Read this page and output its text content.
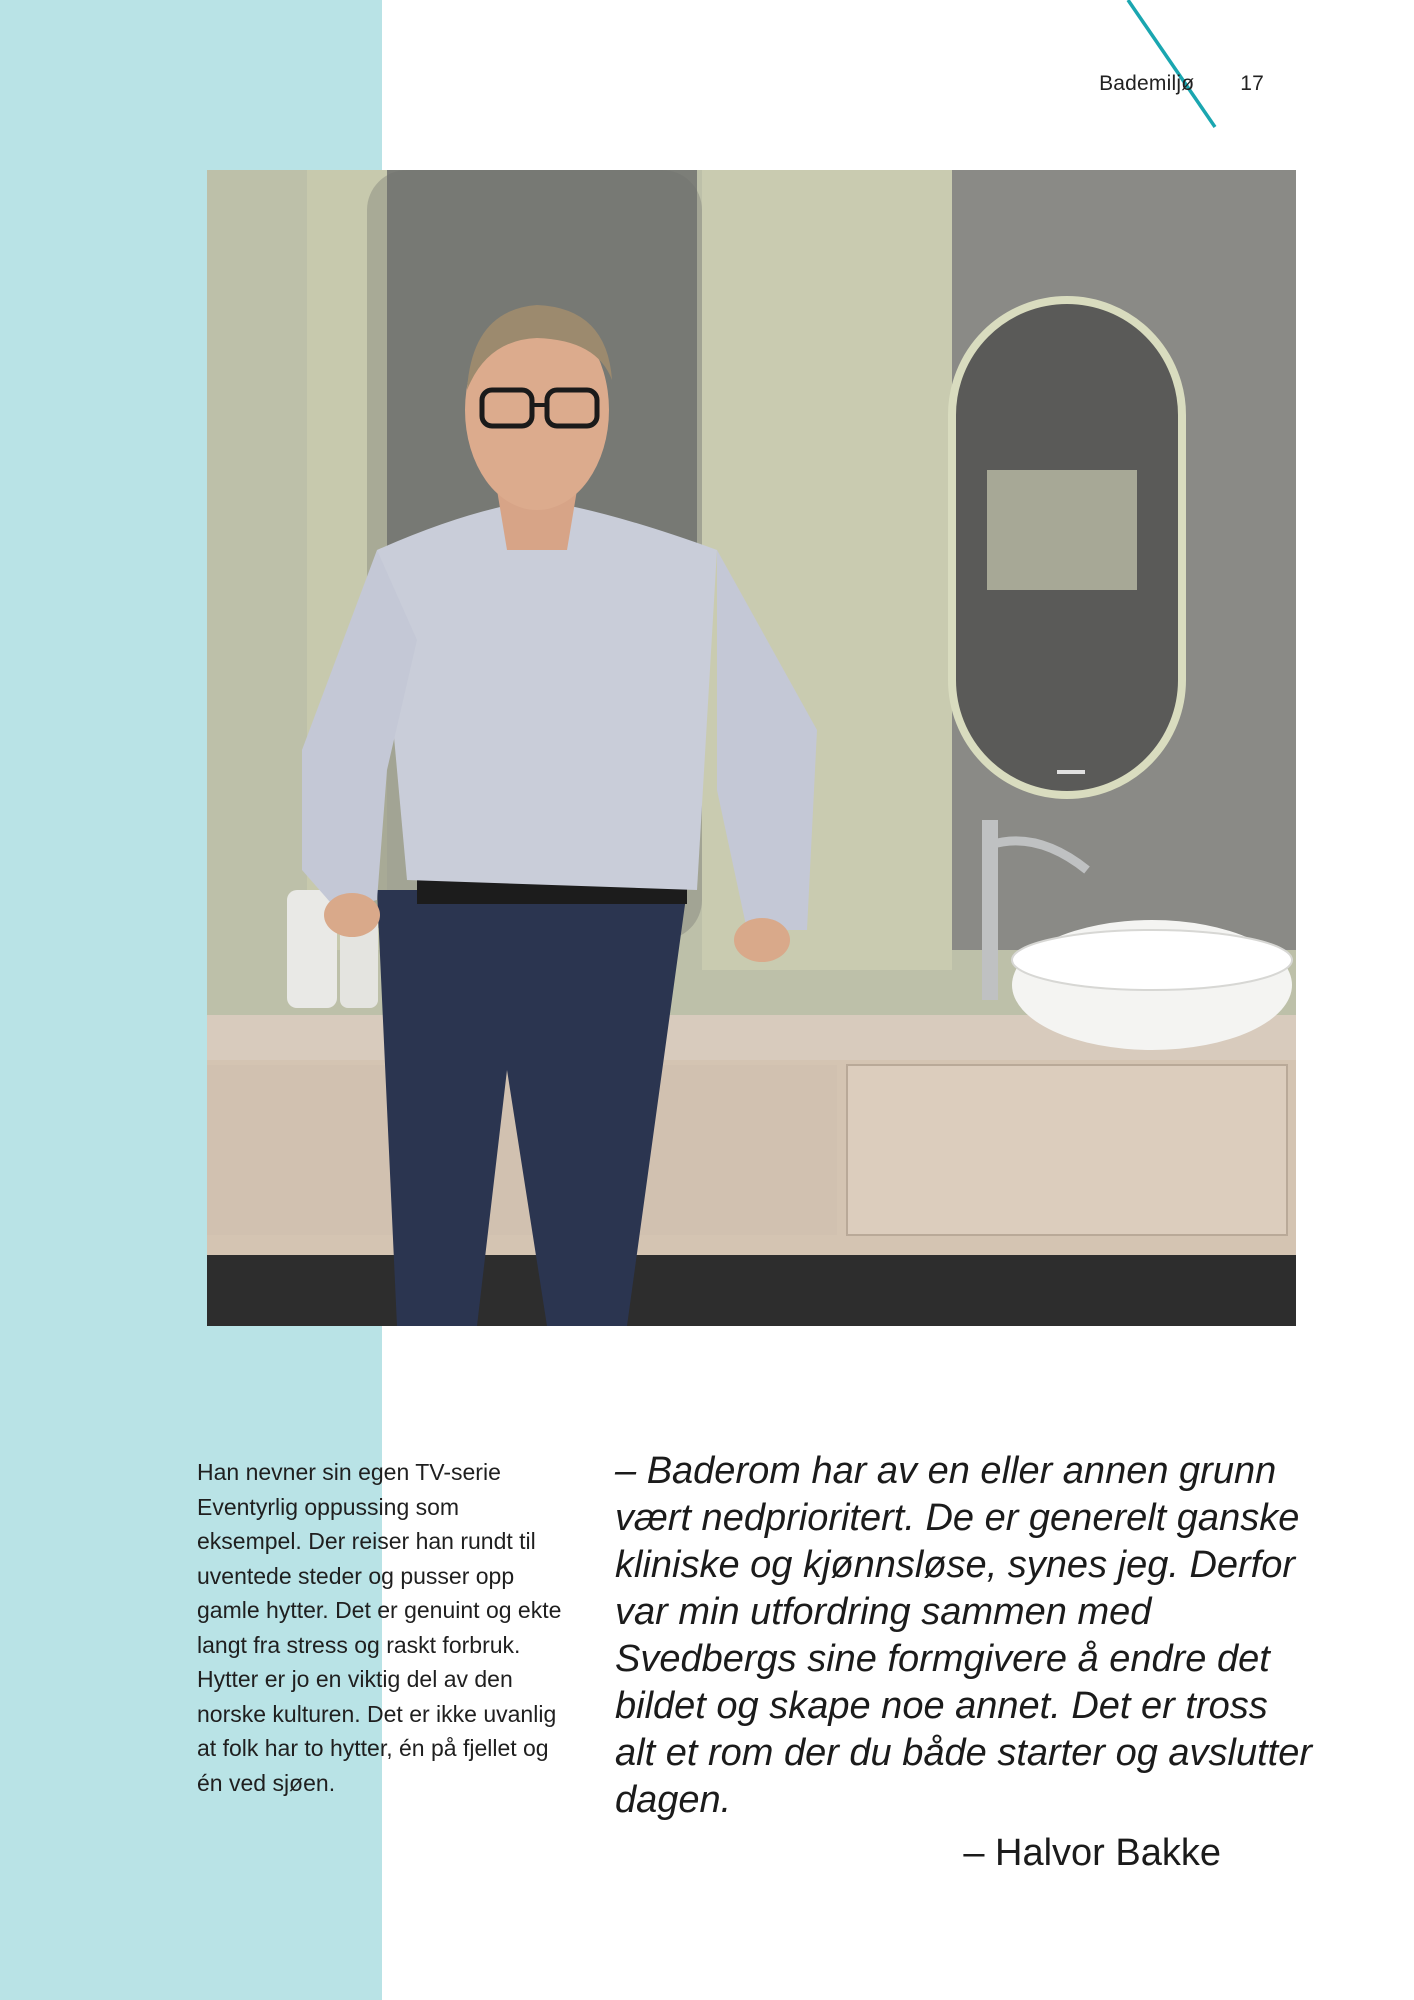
Bademiljø 17

Han nevner sin egen TV-serie Eventyrlig oppussing som eksempel. Der reiser han rundt til uventede steder og pusser opp gamle hytter. Det er genuint og ekte langt fra stress og raskt forbruk. Hytter er jo en viktig del av den norske kulturen. Det er ikke uvanlig at folk har to hytter, én på fjellet og én ved sjøen.

– Baderom har av en eller annen grunn vært nedprioritert. De er generelt ganske kliniske og kjønnsløse, synes jeg. Derfor var min utfordring sammen med Svedbergs sine formgivere å endre det bildet og skape noe annet. Det er tross alt et rom der du både starter og avslutter dagen.

– Halvor Bakke
